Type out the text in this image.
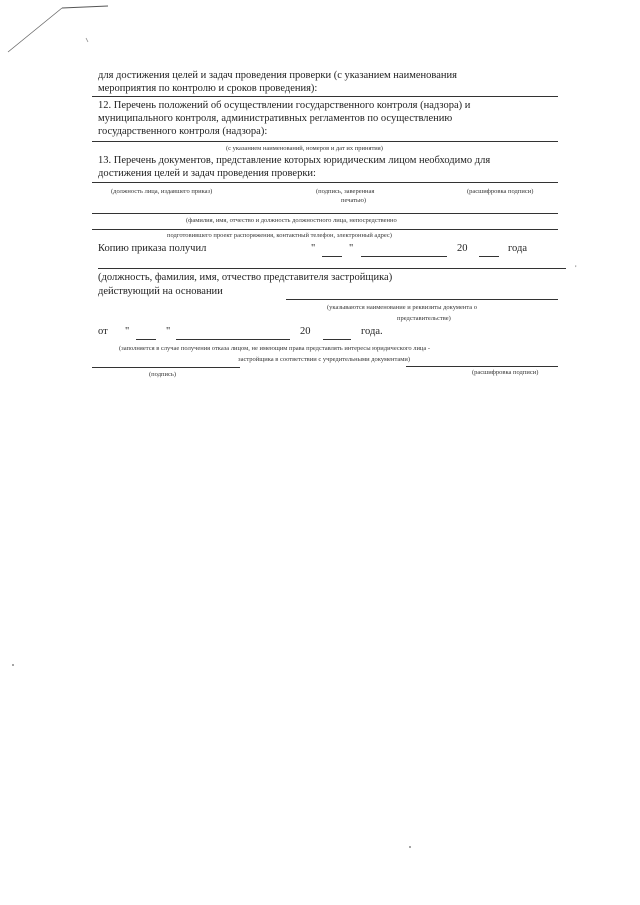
для достижения целей и задач проведения проверки (с указанием наименования
мероприятия по контролю и сроков проведения):
12. Перечень положений об осуществлении государственного контроля (надзора) и
муниципального контроля, административных регламентов по осуществлению
государственного контроля (надзора):
(с указанием наименований, номеров и дат их принятия)
13. Перечень документов, представление которых юридическим лицом необходимо для
достижения целей и задач проведения проверки:
(должность лица, издавшего приказ)	(подпись, заверенная
печатью)
(расшифровка подписи)
(фамилия, имя, отчество и должность должностного лица, непосредственно
подготовившего проект распоряжения, контактный телефон, электронный адрес)
Копию приказа получил	"	"	20	года
,
(должность, фамилия, имя, отчество представителя застройщика)
действующий на основании
(указываются наименование и реквизиты документа о
представительстве)
от "	"	20	года.
(заполняется в случае получения отказа лицом, не имеющим права представлять интересы юридического лица -
застройщика в соответствии с учредительными документами)
(подпись)	(расшифровка подписи)
